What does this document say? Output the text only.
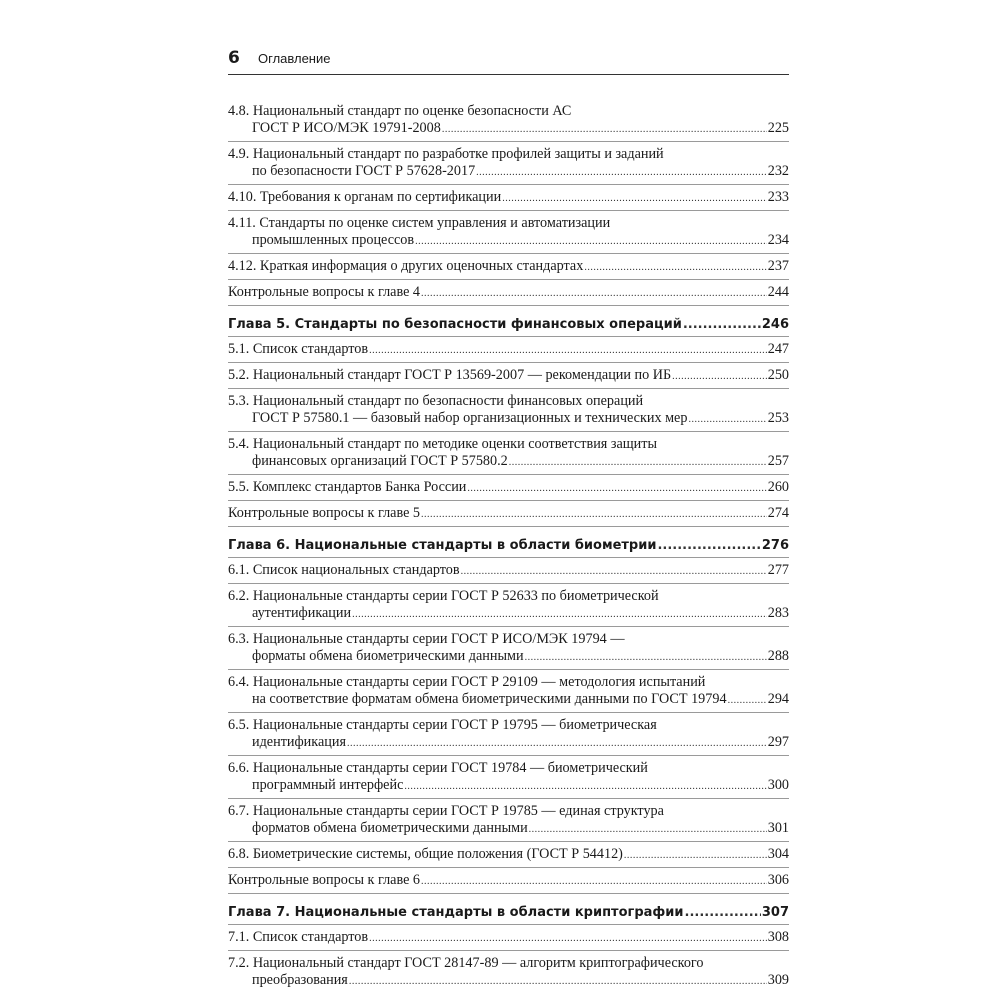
6	Оглавление
4.8. Национальный стандарт по оценке безопасности АС
ГОСТ Р ИСО/МЭК 19791-2008 .....	225
4.9. Национальный стандарт по разработке профилей защиты и заданий
по безопасности ГОСТ Р 57628-2017 .....	232
4.10. Требования к органам по сертификации .....	233
4.11. Стандарты по оценке систем управления и автоматизации
промышленных процессов .....	234
4.12. Краткая информация о других оценочных стандартах .....	237
Контрольные вопросы к главе 4 .....	244
Глава 5. Стандарты по безопасности финансовых операций .....	246
5.1. Список стандартов .....	247
5.2. Национальный стандарт ГОСТ Р 13569-2007 — рекомендации по ИБ .....	250
5.3. Национальный стандарт по безопасности финансовых операций
ГОСТ Р 57580.1 — базовый набор организационных и технических мер .....	253
5.4. Национальный стандарт по методике оценки соответствия защиты
финансовых организаций ГОСТ Р 57580.2 .....	257
5.5. Комплекс стандартов Банка России .....	260
Контрольные вопросы к главе 5 .....	274
Глава 6. Национальные стандарты в области биометрии .....	276
6.1. Список национальных стандартов .....	277
6.2. Национальные стандарты серии ГОСТ Р 52633 по биометрической
аутентификации .....	283
6.3. Национальные стандарты серии ГОСТ Р ИСО/МЭК 19794 —
форматы обмена биометрическими данными .....	288
6.4. Национальные стандарты серии ГОСТ Р 29109 — методология испытаний
на соответствие форматам обмена биометрическими данными по ГОСТ 19794 .....	294
6.5. Национальные стандарты серии ГОСТ Р 19795 — биометрическая
идентификация .....	297
6.6. Национальные стандарты серии ГОСТ 19784 — биометрический
программный интерфейс .....	300
6.7. Национальные стандарты серии ГОСТ Р 19785 — единая структура
форматов обмена биометрическими данными .....	301
6.8. Биометрические системы, общие положения (ГОСТ Р 54412) .....	304
Контрольные вопросы к главе 6 .....	306
Глава 7. Национальные стандарты в области криптографии .....	307
7.1. Список стандартов .....	308
7.2. Национальный стандарт ГОСТ 28147-89 — алгоритм криптографического
преобразования .....	309
